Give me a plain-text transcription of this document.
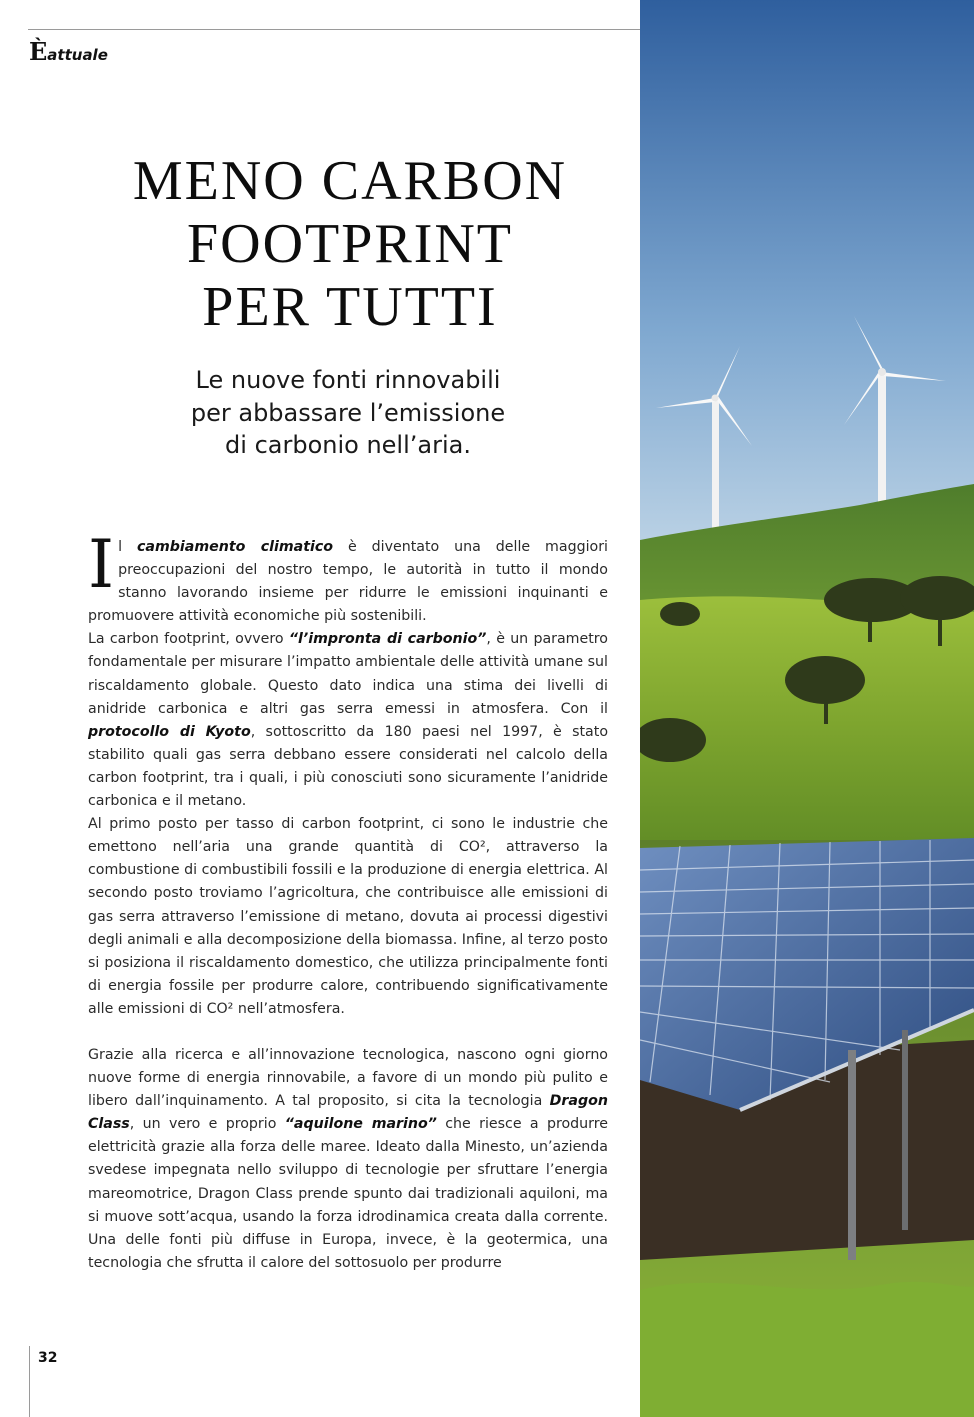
Èattuale
MENO CARBON
FOOTPRINT
PER TUTTI
Le nuove fonti rinnovabili
per abbassare l’emissione
di carbonio nell’aria.

Il cambiamento climatico è diventato una delle maggiori preoccupazioni del nostro tempo, le autorità in tutto il mondo stanno lavorando insieme per ridurre le emissioni inquinanti e promuovere attività economiche più sostenibili.

La carbon footprint, ovvero “l’impronta di carbonio”, è un parametro fondamentale per misurare l’impatto ambientale delle attività umane sul riscaldamento globale. Questo dato indica una stima dei livelli di anidride carbonica e altri gas serra emessi in atmosfera. Con il protocollo di Kyoto, sottoscritto da 180 paesi nel 1997, è stato stabilito quali gas serra debbano essere considerati nel calcolo della carbon footprint, tra i quali, i più conosciuti sono sicuramente l’anidride carbonica e il metano.

Al primo posto per tasso di carbon footprint, ci sono le industrie che emettono nell’aria una grande quantità di CO², attraverso la combustione di combustibili fossili e la produzione di energia elettrica. Al secondo posto troviamo l’agricoltura, che contribuisce alle emissioni di gas serra attraverso l’emissione di metano, dovuta ai processi digestivi degli animali e alla decomposizione della biomassa. Infine, al terzo posto si posiziona il riscaldamento domestico, che utilizza principalmente fonti di energia fossile per produrre calore, contribuendo significativamente alle emissioni di CO² nell’atmosfera.

Grazie alla ricerca e all’innovazione tecnologica, nascono ogni giorno nuove forme di energia rinnovabile, a favore di un mondo più pulito e libero dall’inquinamento. A tal proposito, si cita la tecnologia Dragon Class, un vero e proprio “aquilone marino” che riesce a produrre elettricità grazie alla forza delle maree. Ideato dalla Minesto, un’azienda svedese impegnata nello sviluppo di tecnologie per sfruttare l’energia mareomotrice, Dragon Class prende spunto dai tradizionali aquiloni, ma si muove sott’acqua, usando la forza idrodinamica creata dalla corrente. Una delle fonti più diffuse in Europa, invece, è la geotermica, una tecnologia che sfrutta il calore del sottosuolo per produrre

32
